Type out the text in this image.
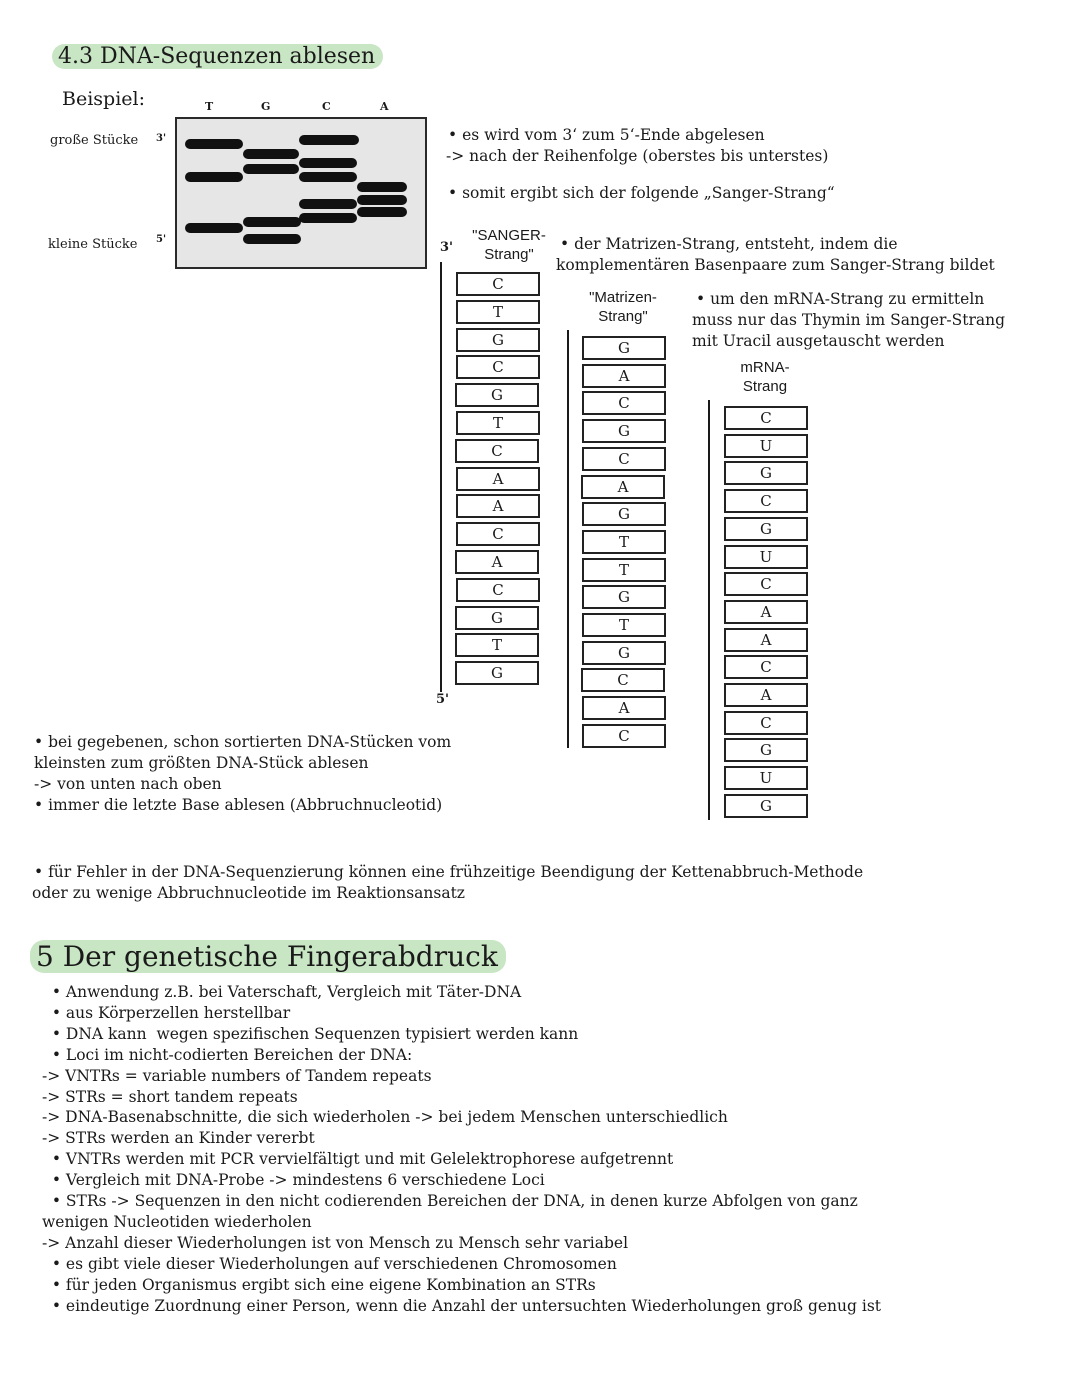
4.3 DNA-Sequenzen ablesen
Beispiel:	T	G	C	A
große Stücke 3'
kleine Stücke 5'
• es wird vom 3‘ zum 5‘-Ende abgelesen
-> nach der Reihenfolge (oberstes bis unterstes)
• somit ergibt sich der folgende „Sanger-Strang“
"SANGER-
Strang"
3'
5'
C
T
G
C
G
T
C
A
A
C
A
C
G
T
G
• der Matrizen-Strang, entsteht, indem die
komplementären Basenpaare zum Sanger-Strang bildet
"Matrizen-
Strang"
G
A
C
G
C
A
G
T
T
G
T
G
C
A
C
• um den mRNA-Strang zu ermitteln
muss nur das Thymin im Sanger-Strang
mit Uracil ausgetauscht werden
mRNA-
Strang
C
U
G
C
G
U
C
A
A
C
A
C
G
U
G
• bei gegebenen, schon sortierten DNA-Stücken vom
kleinsten zum größten DNA-Stück ablesen
-> von unten nach oben
• immer die letzte Base ablesen (Abbruchnucleotid)
• für Fehler in der DNA-Sequenzierung können eine frühzeitige Beendigung der Kettenabbruch-Methode
oder zu wenige Abbruchnucleotide im Reaktionsansatz
5 Der genetische Fingerabdruck
• Anwendung z.B. bei Vaterschaft, Vergleich mit Täter-DNA
• aus Körperzellen herstellbar
• DNA kann  wegen spezifischen Sequenzen typisiert werden kann
• Loci im nicht-codierten Bereichen der DNA:
-> VNTRs = variable numbers of Tandem repeats
-> STRs = short tandem repeats
-> DNA-Basenabschnitte, die sich wiederholen -> bei jedem Menschen unterschiedlich
-> STRs werden an Kinder vererbt
• VNTRs werden mit PCR vervielfältigt und mit Gelelektrophorese aufgetrennt
• Vergleich mit DNA-Probe -> mindestens 6 verschiedene Loci
• STRs -> Sequenzen in den nicht codierenden Bereichen der DNA, in denen kurze Abfolgen von ganz
wenigen Nucleotiden wiederholen
-> Anzahl dieser Wiederholungen ist von Mensch zu Mensch sehr variabel
• es gibt viele dieser Wiederholungen auf verschiedenen Chromosomen
• für jeden Organismus ergibt sich eine eigene Kombination an STRs
• eindeutige Zuordnung einer Person, wenn die Anzahl der untersuchten Wiederholungen groß genug ist
